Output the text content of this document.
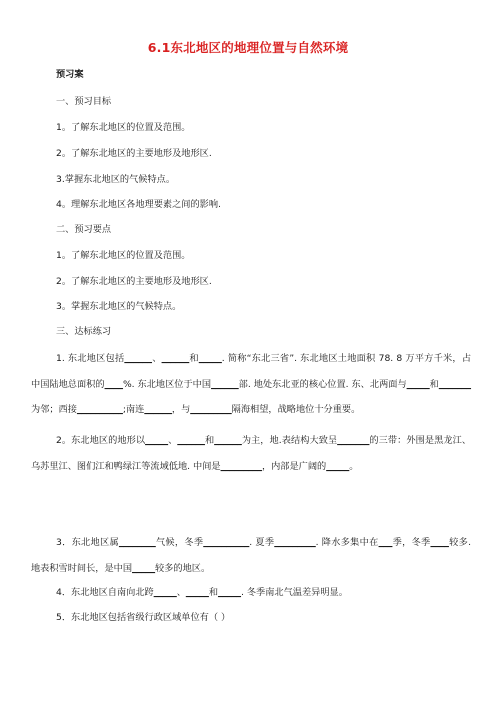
6.1东北地区的地理位置与自然环境
预习案
一、预习目标
1。了解东北地区的位置及范围。
2。了解东北地区的主要地形及地形区.
3.掌握东北地区的气候特点。
4。理解东北地区各地理要素之间的影响.
二、预习要点
1。了解东北地区的位置及范围。
2。了解东北地区的主要地形及地形区.
3。掌握东北地区的气候特点。
三、达标练习

1. 东北地区包括______、______和_____. 简称“东北三省”. 东北地区土地面积 78. 8 万平方千米，占中国陆地总面积的____%. 东北地区位于中国______部. 地处东北亚的核心位置. 东、北两面与_____和_______为邻；西接__________;南连______，与_________隔海相望，战略地位十分重要。

2。东北地区的地形以_____、______和______为主，地.表结构大致呈_______的三带：外围是黑龙江、乌苏里江、图们江和鸭绿江等流域低地. 中间是_________，内部是广阔的_____。

3．东北地区属________气候，冬季__________. 夏季_________. 降水多集中在___季，冬季____较多. 地表积雪时间长，是中国_____较多的地区。

4．东北地区自南向北跨_____、_____和_____. 冬季南北气温差异明显。

5．东北地区包括省级行政区域单位有（ ）
